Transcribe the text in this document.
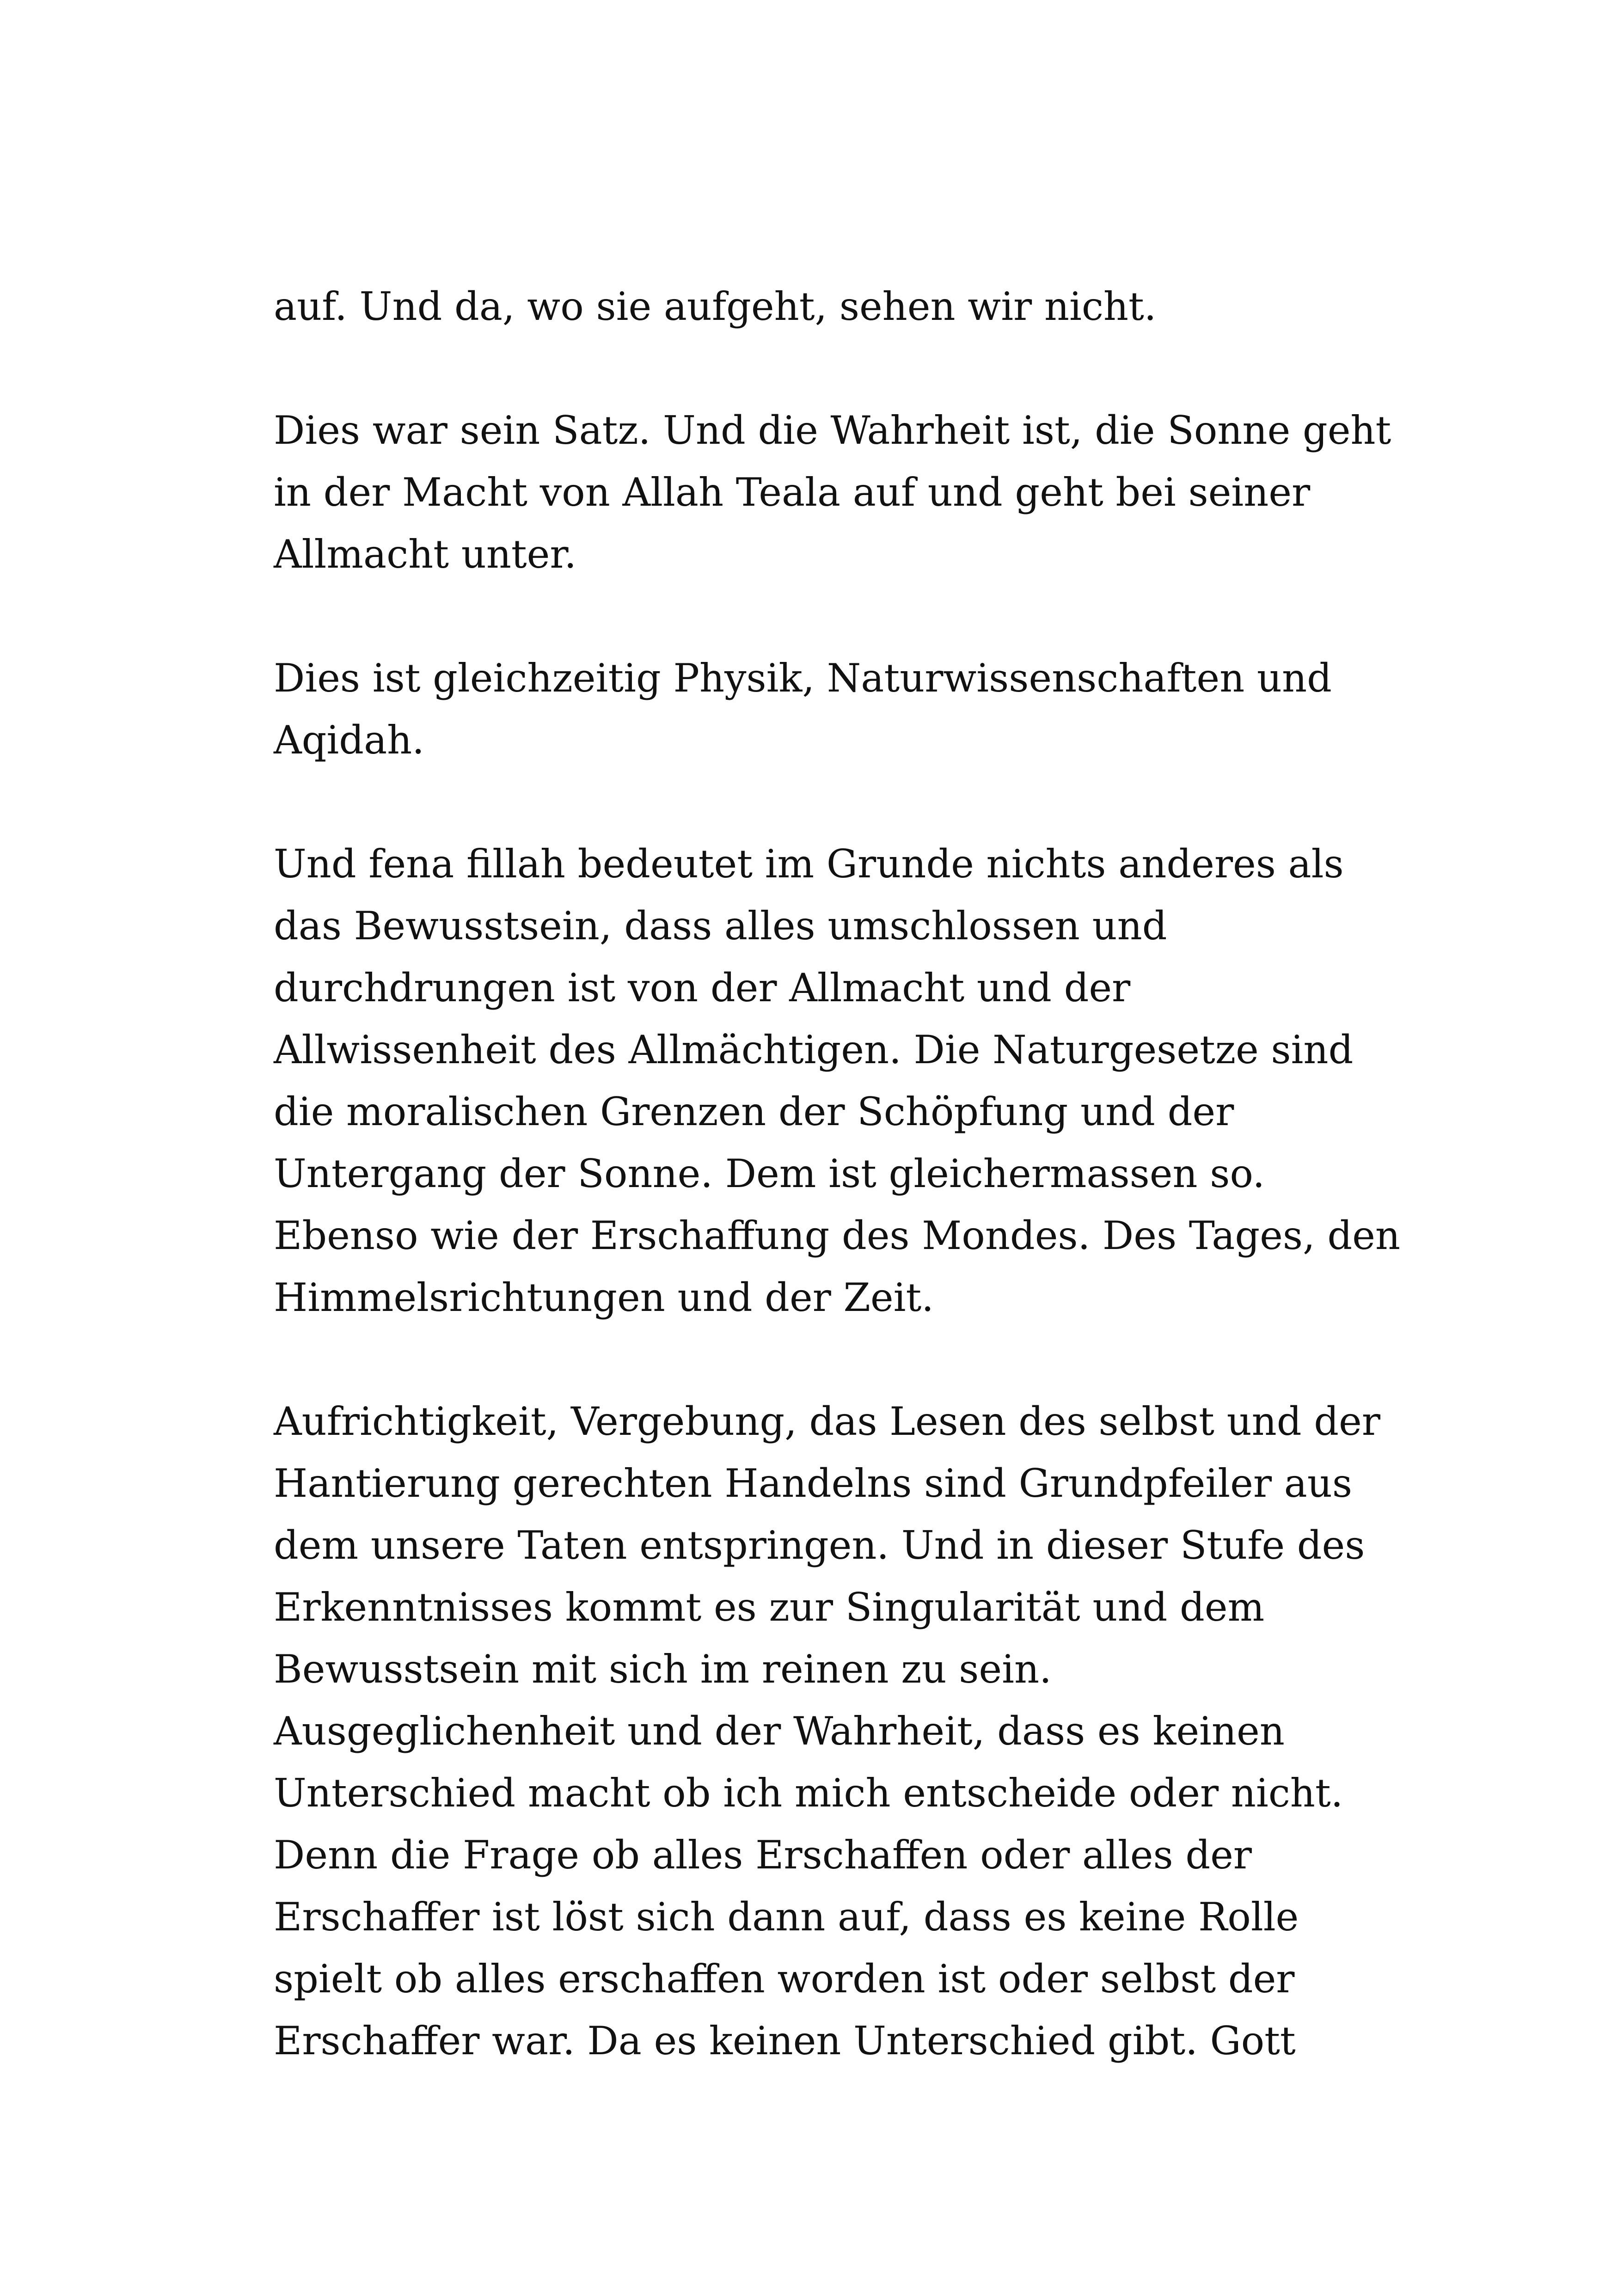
auf. Und da, wo sie aufgeht, sehen wir nicht.
Dies war sein Satz. Und die Wahrheit ist, die Sonne geht
in der Macht von Allah Teala auf und geht bei seiner
Allmacht unter.
Dies ist gleichzeitig Physik, Naturwissenschaften und
Aqidah.
Und fena fillah bedeutet im Grunde nichts anderes als
das Bewusstsein, dass alles umschlossen und
durchdrungen ist von der Allmacht und der
Allwissenheit des Allmächtigen. Die Naturgesetze sind
die moralischen Grenzen der Schöpfung und der
Untergang der Sonne. Dem ist gleichermassen so.
Ebenso wie der Erschaffung des Mondes. Des Tages, den
Himmelsrichtungen und der Zeit.
Aufrichtigkeit, Vergebung, das Lesen des selbst und der
Hantierung gerechten Handelns sind Grundpfeiler aus
dem unsere Taten entspringen. Und in dieser Stufe des
Erkenntnisses kommt es zur Singularität und dem
Bewusstsein mit sich im reinen zu sein.
Ausgeglichenheit und der Wahrheit, dass es keinen
Unterschied macht ob ich mich entscheide oder nicht.
Denn die Frage ob alles Erschaffen oder alles der
Erschaffer ist löst sich dann auf, dass es keine Rolle
spielt ob alles erschaffen worden ist oder selbst der
Erschaffer war. Da es keinen Unterschied gibt. Gott
